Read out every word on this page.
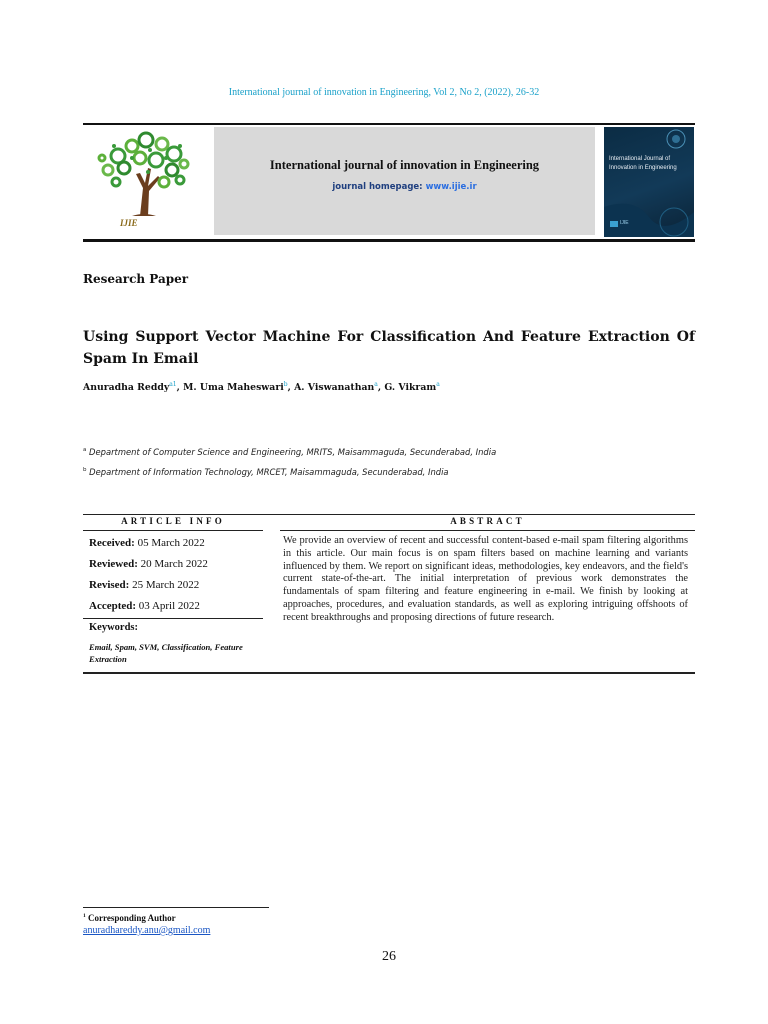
International journal of innovation in Engineering, Vol 2, No 2, (2022), 26-32
IJIE
International journal of innovation in Engineering
journal homepage: www.ijie.ir
International Journal of Innovation in Engineering
IJIE
Research Paper
Using Support Vector Machine For Classification And Feature Extraction Of Spam In Email
Anuradha Reddy$^{a1}$, M. Uma Maheswari$^b$, A. Viswanathan$^a$, G. Vikram$^a$
$^a$ Department of Computer Science and Engineering, MRITS, Maisammaguda, Secunderabad, India
$^b$ Department of Information Technology, MRCET, Maisammaguda, Secunderabad, India
ARTICLE INFO	ABSTRACT
Received: 05 March 2022
Reviewed: 20 March 2022
Revised: 25 March 2022
Accepted: 03 April 2022
Keywords:
Email, Spam, SVM, Classification, Feature Extraction
We provide an overview of recent and successful content-based e-mail spam filtering algorithms in this article. Our main focus is on spam filters based on machine learning and variants influenced by them. We report on significant ideas, methodologies, key endeavors, and the field's current state-of-the-art. The initial interpretation of previous work demonstrates the fundamentals of spam filtering and feature engineering in e-mail. We finish by looking at approaches, procedures, and evaluation standards, as well as exploring intriguing offshoots of recent breakthroughs and proposing directions of future research.
$^1$ Corresponding Author
anuradhareddy.anu@gmail.com
26
